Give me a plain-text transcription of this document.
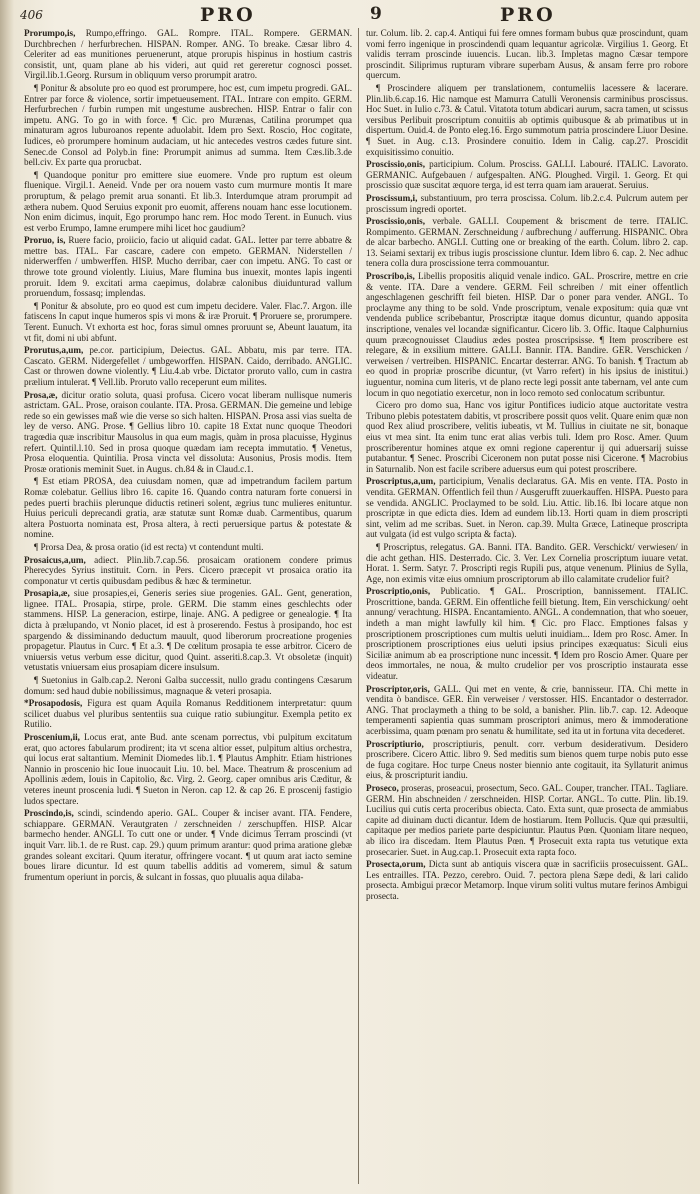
406	PRO	9	PRO

Prorumpo,is, Rumpo,effringo. GAL. Rompre. ITAL. Rompere. GERMAN. Durchbrechen / herfurbrechen. HISPAN. Romper. ANG. To breake. Cæsar libro 4. Celeriter ad eas munitiones peruenerunt, atque prorupis hispinus in hostium castris consistit, unt, quam plane ab his videri, aut quid ret gereretur cognosci posset. Virgil.lib.1.Georg. Rursum in obliquum verso prorumpit aratro.

¶ Ponitur & absolute pro eo quod est prorumpere, hoc est, cum impetu progredi. GAL. Entrer par force & violence, sortir impetueusement. ITAL. Intrare con empito. GERM. Herfurbrechen / furbin rumpen mit ungestume ausbrechen. HISP. Entrar o falir con impetu. ANG. To go in with force. ¶ Cic. pro Murænas, Catilina prorumpet qua minaturam agros luburoanos repente aduolabit. Idem pro Sext. Roscio, Hoc cogitate, Iudices, eò prorumpere hominum audaciam, ut hic antecedes vestros cædes future sint. Senec.de Consol ad Polyb.in fine: Prorumpit animus ad summa. Item Cæs.lib.3.de bell.civ. Ex parte qua prorucbat.

¶ Quandoque ponitur pro emittere siue euomere. Vnde pro ruptum est oleum fluenique. Virgil.1. Aeneid. Vnde per ora nouem vasto cum murmure montis It mare proruptum, & pelago premit arua sonanti. Et lib.3. Interdumque atram prorumpit ad æthera nubem. Quod Seruius exponit pro euomit, afferens nouam hanc esse locutionem. Non enim dicimus, inquit, Ego prorumpo hanc rem. Hoc modo Terent. in Eunuch. vius est verbo Erumpo, Iamne erumpere mihi licet hoc gaudium?

Proruo, is, Ruere facio, proiicio, facio ut aliquid cadat. GAL. Ietter par terre abbatre & mettre bas. ITAL. Far cascare, cadere con empeto. GERMAN. Niderstellen / niderwerffen / umbwerffen. HISP. Mucho derribar, caer con impetu. ANG. To cast or throwe tote ground violently. Liuius, Mare flumina bus inuexit, montes lapis ingenti proruit. Idem 9. excitati arma caepimus, dolabræ calonibus diuidunturad vallum proruendum, fossasq; implendas.

¶ Ponitur & absolute, pro eo quod est cum impetu decidere. Valer. Flac.7. Argon. ille fatiscens In caput inque humeros spis vi mons & iræ Proruit. ¶ Proruere se, prorumpere. Terent. Eunuch. Vt exhorta est hoc, foras simul omnes proruunt se, Abeunt lauatum, ita vt fit, domi ni ubi abfunt.

Prorutus,a,um, pe.cor. participium, Deiectus. GAL. Abbatu, mis par terre. ITA. Cascato. GERM. Nidergefellet / umbgeworffen. HISPAN. Caido, derribado. ANGLIC. Cast or throwen downe violently. ¶ Liu.4.ab vrbe. Dictator proruto vallo, cum in castra prælium intulerat. ¶ Vell.lib. Proruto vallo receperunt eum milites.

Prosa,æ, dicitur oratio soluta, quasi profusa. Cicero vocat liberam nullisque numeris astrictam. GAL. Prose, oraison coulante. ITA. Prosa. GERMAN. Die gemeine und lebige rede so ein gewisses maß wie die verse so sich halten. HISPAN. Prosa assi vias suelta de ley de verso. ANG. Prose. ¶ Gellius libro 10. capite 18 Extat nunc quoque Theodori tragœdia quæ inscribitur Mausolus in qua eum magis, quàm in prosa placuisse, Hyginus refert. Quintil.l.10. Sed in prosa quoque quædam iam recepta immutatio. ¶ Venetus, Prosa eloquentia. Quintilia. Prosa vincta vel dissoluta: Ausonius, Prosis modis. Item Prosæ orationis meminit Suet. in Augus. ch.84 & in Claud.c.1.

¶ Est etiam PROSA, dea cuiusdam nomen, quæ ad impetrandum facilem partum Romæ colebatur. Gellius libro 16. capite 16. Quando contra naturam forte conuersi in pedes puerti brachiis plerunque diductis retineri solent, ægrius tunc mulieres enituntur. Huius periculi deprecandi gratia, aræ statutæ sunt Romæ duab. Carmentibus, quarum altera Postuorta nominata est, Prosa altera, à recti peruersique partus & potestate & nomine.

¶ Prorsa Dea, & prosa oratio (id est recta) vt contendunt multi.

Prosaicus,a,um, adiect. Plin.lib.7.cap.56. prosaicam orationem condere primus Pherecydes Syrius instituit. Corn. in Pers. Cicero præcepit vt prosaica oratio ita componatur vt certis quibusdam pedibus & hæc & terminetur.

Prosapia,æ, siue prosapies,ei, Generis series siue progenies. GAL. Gent, generation, lignee. ITAL. Prosapia, stirpe, prole. GERM. Die stamm eines geschlechts oder stammens. HISP. La generacion, estirpe, linaje. ANG. A pedigree or genealogie. ¶ Ita dicta à prælupando, vt Nonio placet, id est à proserendo. Festus à prosipando, hoc est spargendo & dissiminando deductum mauult, quod liberorum procreatione progenies propagetur. Plautus in Curc. ¶ Et a.3. ¶ De cœlitum prosapia te esse arbitror. Cicero de vniuersis vetus verbum esse dicitur, quod Quint. asseriti.8.cap.3. Vt obsoletæ (inquit) vetustatis vniuersam eius prosapiam dicere insulsum.

¶ Suetonius in Galb.cap.2. Neroni Galba successit, nullo gradu contingens Cæsarum domum: sed haud dubie nobilissimus, magnaque & veteri prosapia.

*Prosapodosis, Figura est quam Aquila Romanus Redditionem interpretatur: quum scilicet duabus vel pluribus sententiis sua cuique ratio subiungitur. Exempla petito ex Rutilio.

Proscenium,ii, Locus erat, ante Bud. ante scenam porrectus, vbi pulpitum excitatum erat, quo actores fabularum prodirent; ita vt scena altior esset, pulpitum altius orchestra, qui locus erat saltantium. Meminit Diomedes lib.1. ¶ Plautus Amphitr. Etiam histriones Nannio in proscenio hic Ioue inuocauit Liu. 10. bel. Mace. Theatrum & proscenium ad Apollinis ædem, Iouis in Capitolio, &c. Virg. 2. Georg. caper omnibus aris Cæditur, & veteres ineunt proscenia ludi. ¶ Sueton in Neron. cap 12. & cap 26. E proscenij fastigio ludos spectare.

Proscindo,is, scindi, scindendo aperio. GAL. Couper & inciser avant. ITA. Fendere, schiappare. GERMAN. Verautgraten / zerschneiden / zerschupffen. HISP. Alcar barmecho hender. ANGLI. To cutt one or under. ¶ Vnde dicimus Terram proscindi (vt inquit Varr. lib.1. de re Rust. cap. 29.) quum primum arantur: quod prima aratione glebæ grandes soleant excitari. Quum iteratur, offringere vocant. ¶ ut quum arat iacto semine boues lirare dicuntur. Id est quum tabellis additis ad vomerem, simul & satum frumentum operiunt in porcis, & sulcant in fossas, quo pluualis aqua dilaba-

tur. Colum. lib. 2. cap.4. Antiqui fui fere omnes formam bubus quæ proscindunt, quam vomi ferro ingenique in proscindendi quam lequantur agricolæ. Virgilius 1. Georg. Et validis terram proscinde iuuencis. Lucan. lib.3. Impletas magno Cæsar tempore proscindit. Siliprimus rupturam vibrare superbam Ausus, & ansam ferre pro robore quercum.

¶ Proscindere aliquem per translationem, contumeliis lacessere & lacerare. Plin.lib.6.cap.16. Hic namque est Mamurra Catulli Veronensis carminibus proscissus. Hoc Suet. in Iulio c.73. & Catul. Vitatota totum abdicari aurum, sacra tamen, ut scissus versibus Perlibuit proscriptum conuitiis ab optimis quibusque & ab primatibus ut in dispertum. Ouid.4. de Ponto eleg.16. Ergo summotum patria proscindere Liuor Desine. ¶ Suet. in Aug. c.13. Prosindere conuitio. Idem in Calig. cap.27. Proscidit exquisitissimo conuitio.

Proscissio,onis, participium. Colum. Prosciss. GALLI. Labouré. ITALIC. Lavorato. GERMANIC. Aufgebauen / aufgespalten. ANG. Ploughed. Virgil. 1. Georg. Et qui proscissio quæ suscitat æquore terga, id est terra quam iam arauerat. Seruius.

Proscissum,i, substantiuum, pro terra proscissa. Colum. lib.2.c.4. Pulcrum autem per proscissum ingredi oportet.

Proscissio,onis, verbale. GALLI. Coupement & briscment de terre. ITALIC. Rompimento. GERMAN. Zerschneidung / aufbrechung / aufferrung. HISPANIC. Obra de alcar barbecho. ANGLI. Cutting one or breaking of the earth. Colum. libro 2. cap. 13. Seiami sextarij ex tribus iugis proscissione cluntur. Idem libro 6. cap. 2. Nec adhuc tenera colla dura proscissione terra commouantur.

Proscribo,is, Libellis propositis aliquid venale indico. GAL. Proscrire, mettre en crie & vente. ITA. Dare a vendere. GERM. Feil schreiben / mit einer offentlich angeschlagenen geschrifft feil bieten. HISP. Dar o poner para vender. ANGL. To proclayme any thing to be sold. Vnde proscriptum, venale expositum: quia quæ vnt vendenda publice scribebantur, Proscriptæ itaque domus dicuntur, quando apposita inscriptione, venales vel locandæ significantur. Cicero lib. 3. Offic. Itaque Calphurnius quum præcognouisset Claudius ædes postea proscripsisse. ¶ Item proscribere est relegare, & in exsilium mittere. GALLI. Bannir. ITA. Bandire. GER. Verschicken / verweisen / vertreiben. HISPANIC. Encartar desterrar. ANG. To banish. ¶ Tractum ab eo quod in propriæ proscribe dicuntur, (vt Varro refert) in his ipsius de inistitui.) iuguentur, nomina cum literis, vt de plano recte legi possit ante tabernam, vel ante cum locum in quo negotiatio exercetur, non in loco remoto sed conlocatum scribuntur.

Cicero pro domo sua, Hanc vos igitur Pontifices iudicio atque auctoritate vestra Tribuno plebis potestatem dabitis, vt proscribere possit quos velit. Quare enim quæ non quod Rex aliud proscribere, velitis iubeatis, vt M. Tullius in ciuitate ne sit, bonaque eius vt mea sint. Ita enim tunc erat alias verbis tuli. Idem pro Rosc. Amer. Quum proscriberentur homines atque ex omni regione caperentur ij qui aduersarij suisse putabantur. ¶ Senec. Proscribi Ciceronem non putat posse nisi Cicerone. ¶ Macrobius in Saturnalib. Non est facile scribere aduersus eum qui potest proscribere.

Proscriptus,a,um, participium, Venalis declaratus. GA. Mis en vente. ITA. Posto in vendita. GERMAN. Offentlich feil thun / Ausgerufft zuuerkauffen. HISPA. Puesto para se vendida. ANGLIC. Proclaymed to be sold. Liu. Attic. lib.16. Ibi locare atque non proscriptæ in que edicta dies. Idem ad eundem lib.13. Horti quam in diem proscripti sint, velim ad me scribas. Suet. in Neron. cap.39. Multa Græce, Latineque proscripta aut vulgata (id est vulgo scripta & facta).

¶ Proscriptus, relegatus. GA. Banni. ITA. Bandito. GER. Verschickt/ verwiesen/ in die acht gethan. HIS. Desterrado. Cic. 3. Ver. Lex Cornelia proscriptum iuuare vetat. Horat. 1. Serm. Satyr. 7. Proscripti regis Rupili pus, atque venenum. Plinius de Sylla, Age, non eximis vitæ eius omnium proscriptorum ab illo calamitate crudelior fuit?

Proscriptio,onis, Publicatio. ¶ GAL. Proscription, bannissement. ITALIC. Proscrittione, banda. GERM. Ein offentliche feill bietung. Item, Ein verschickung/ oeht annung/ verachtung. HISPA. Encantamiento. ANGL. A condemnation, that who soeuer, indeth a man might lawfully kil him. ¶ Cic. pro Flacc. Emptiones falsas y proscriptionem proscriptiones cum multis ueluti inuidiam... Idem pro Rosc. Amer. In proscriptionem proscriptiones eius ueluti ipsius principes exæquatus: Siculi eius Siciliæ animum ab ea proscriptione nunc incessit. ¶ Idem pro Roscio Amer. Quare per deos immortales, ne noua, & multo crudelior per vos proscriptio instaurata esse videatur.

Proscriptor,oris, GALL. Qui met en vente, & crie, bannisseur. ITA. Chi mette in vendita ò bandisce. GER. Ein verweiser / verstosser. HIS. Encantador o desterrador. ANG. That proclaymeth a thing to be sold, a banisher. Plin. lib.7. cap. 12. Adeoque temperamenti sapientia quas summam proscriptori animus, mero & immoderatione acerbissima, quam pœnam pro senatu & humilitate, sed ita ut in fortuna vita decederet.

Proscriptiurio, proscriptiuris, penult. corr. verbum desiderativum. Desidero proscribere. Cicero Attic. libro 9. Sed meditis sum bienos quem turpe nobis puto esse de fuga cogitare. Hoc turpe Cneus noster biennio ante cogitauit, ita Syllaturit animus eius, & proscripturit iandiu.

Proseco, proseras, proseacui, prosectum, Seco. GAL. Couper, trancher. ITAL. Tagliare. GERM. Hin abschneiden / zerschneiden. HISP. Cortar. ANGL. To cutte. Plin. lib.19. Lucilius qui cutis certa proceribus obiecta. Cato. Exta sunt, quæ prosecta de ammiabus capite ad diuinam ducti dicantur. Idem de hostiarum. Item Pollucis. Quæ qui præsultii, capitaque per medios pariete parte despiciuntur. Plautus Pœn. Quoniam litare nequeo, ab ilico ira discedam. Item Plautus Pœn. ¶ Prosecuit exta rapta tus vetutique exta prosecarier. Suet. in Aug.cap.1. Prosecuit exta rapta foco.

Prosecta,orum, Dicta sunt ab antiquis viscera quæ in sacrificiis prosecuissent. GAL. Les entrailles. ITA. Pezzo, cerebro. Ouid. 7. pectora plena Sæpe dedi, & lari calido prosecta. Ambigui præcor Metamorp. Inque virum soliti vultus mutare ferinos Ambigui prosecta.
